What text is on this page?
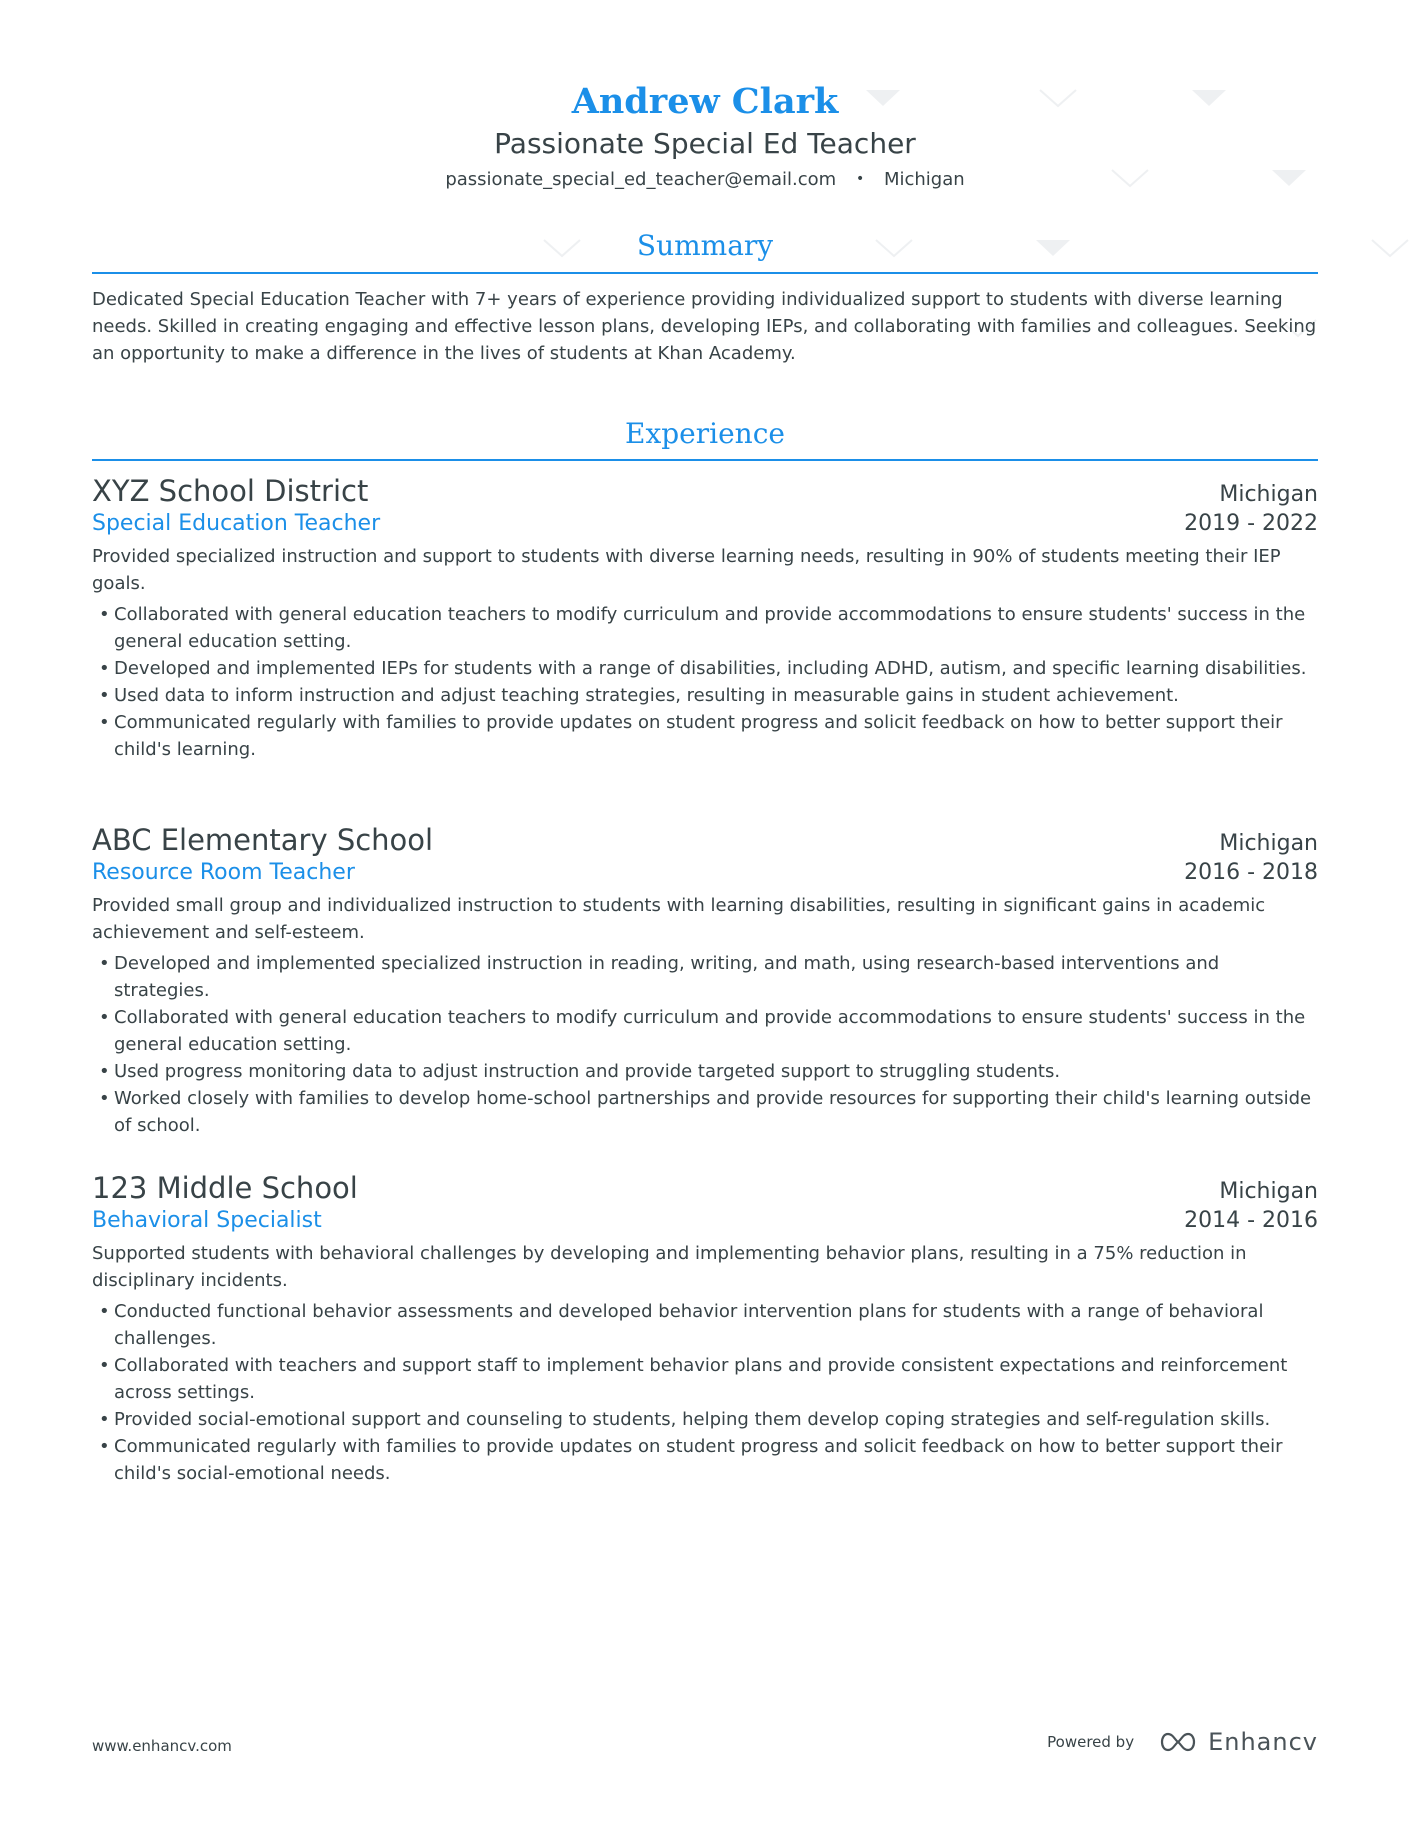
Andrew Clark
Passionate Special Ed Teacher
passionate_special_ed_teacher@email.com • Michigan
Summary
Dedicated Special Education Teacher with 7+ years of experience providing individualized support to students with diverse learning needs. Skilled in creating engaging and effective lesson plans, developing IEPs, and collaborating with families and colleagues. Seeking an opportunity to make a difference in the lives of students at Khan Academy.
Experience
XYZ School District	Michigan
Special Education Teacher	2019 - 2022
Provided specialized instruction and support to students with diverse learning needs, resulting in 90% of students meeting their IEP goals.
• Collaborated with general education teachers to modify curriculum and provide accommodations to ensure students' success in the general education setting.
• Developed and implemented IEPs for students with a range of disabilities, including ADHD, autism, and specific learning disabilities.
• Used data to inform instruction and adjust teaching strategies, resulting in measurable gains in student achievement.
• Communicated regularly with families to provide updates on student progress and solicit feedback on how to better support their child's learning.
ABC Elementary School	Michigan
Resource Room Teacher	2016 - 2018
Provided small group and individualized instruction to students with learning disabilities, resulting in significant gains in academic achievement and self-esteem.
• Developed and implemented specialized instruction in reading, writing, and math, using research-based interventions and strategies.
• Collaborated with general education teachers to modify curriculum and provide accommodations to ensure students' success in the general education setting.
• Used progress monitoring data to adjust instruction and provide targeted support to struggling students.
• Worked closely with families to develop home-school partnerships and provide resources for supporting their child's learning outside of school.
123 Middle School	Michigan
Behavioral Specialist	2014 - 2016
Supported students with behavioral challenges by developing and implementing behavior plans, resulting in a 75% reduction in disciplinary incidents.
• Conducted functional behavior assessments and developed behavior intervention plans for students with a range of behavioral challenges.
• Collaborated with teachers and support staff to implement behavior plans and provide consistent expectations and reinforcement across settings.
• Provided social-emotional support and counseling to students, helping them develop coping strategies and self-regulation skills.
• Communicated regularly with families to provide updates on student progress and solicit feedback on how to better support their child's social-emotional needs.
www.enhancv.com	Powered by	Enhancv
